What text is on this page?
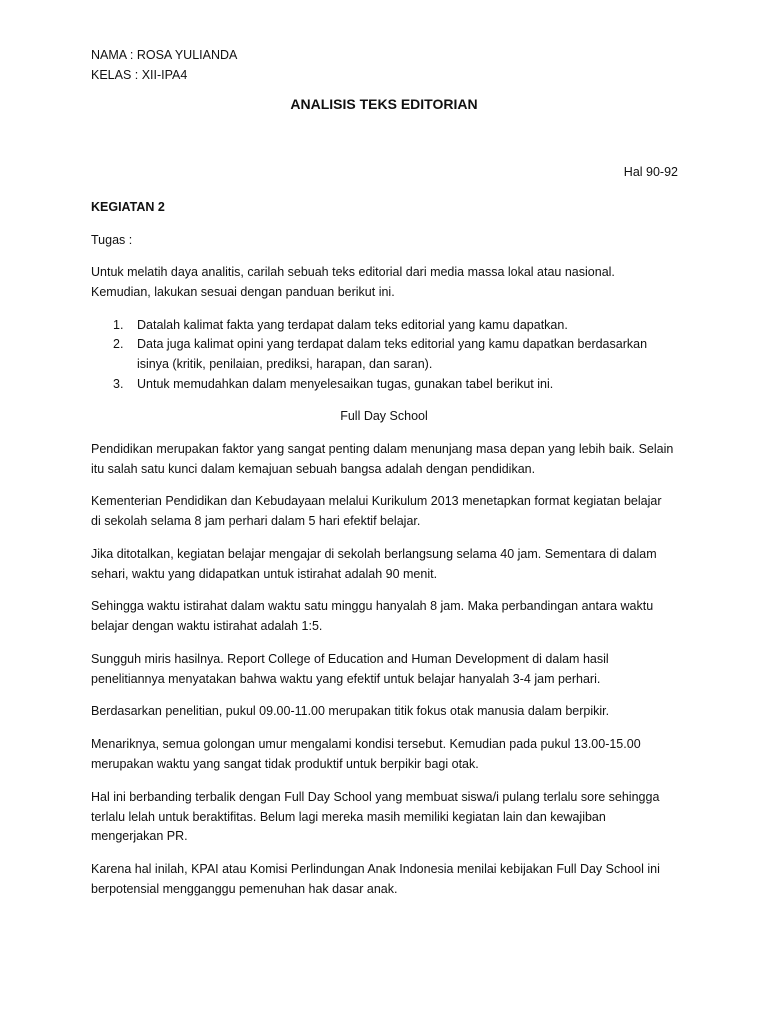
NAMA : ROSA YULIANDA
KELAS : XII-IPA4
ANALISIS TEKS EDITORIAN
Hal 90-92
KEGIATAN 2
Tugas :
Untuk melatih daya analitis, carilah sebuah teks editorial dari media massa lokal atau nasional.
Kemudian, lakukan sesuai dengan panduan berikut ini.
1. Datalah kalimat fakta yang terdapat dalam teks editorial yang kamu dapatkan.
2. Data juga kalimat opini yang terdapat dalam teks editorial yang kamu dapatkan berdasarkan
isinya (kritik, penilaian, prediksi, harapan, dan saran).
3. Untuk memudahkan dalam menyelesaikan tugas, gunakan tabel berikut ini.
Full Day School
Pendidikan merupakan faktor yang sangat penting dalam menunjang masa depan yang lebih baik. Selain
itu salah satu kunci dalam kemajuan sebuah bangsa adalah dengan pendidikan.
Kementerian Pendidikan dan Kebudayaan melalui Kurikulum 2013 menetapkan format kegiatan belajar
di sekolah selama 8 jam perhari dalam 5 hari efektif belajar.
Jika ditotalkan, kegiatan belajar mengajar di sekolah berlangsung selama 40 jam. Sementara di dalam
sehari, waktu yang didapatkan untuk istirahat adalah 90 menit.
Sehingga waktu istirahat dalam waktu satu minggu hanyalah 8 jam. Maka perbandingan antara waktu
belajar dengan waktu istirahat adalah 1:5.
Sungguh miris hasilnya. Report College of Education and Human Development di dalam hasil
penelitiannya menyatakan bahwa waktu yang efektif untuk belajar hanyalah 3-4 jam perhari.
Berdasarkan penelitian, pukul 09.00-11.00 merupakan titik fokus otak manusia dalam berpikir.
Menariknya, semua golongan umur mengalami kondisi tersebut. Kemudian pada pukul 13.00-15.00
merupakan waktu yang sangat tidak produktif untuk berpikir bagi otak.
Hal ini berbanding terbalik dengan Full Day School yang membuat siswa/i pulang terlalu sore sehingga
terlalu lelah untuk beraktifitas. Belum lagi mereka masih memiliki kegiatan lain dan kewajiban
mengerjakan PR.
Karena hal inilah, KPAI atau Komisi Perlindungan Anak Indonesia menilai kebijakan Full Day School ini
berpotensial mengganggu pemenuhan hak dasar anak.
